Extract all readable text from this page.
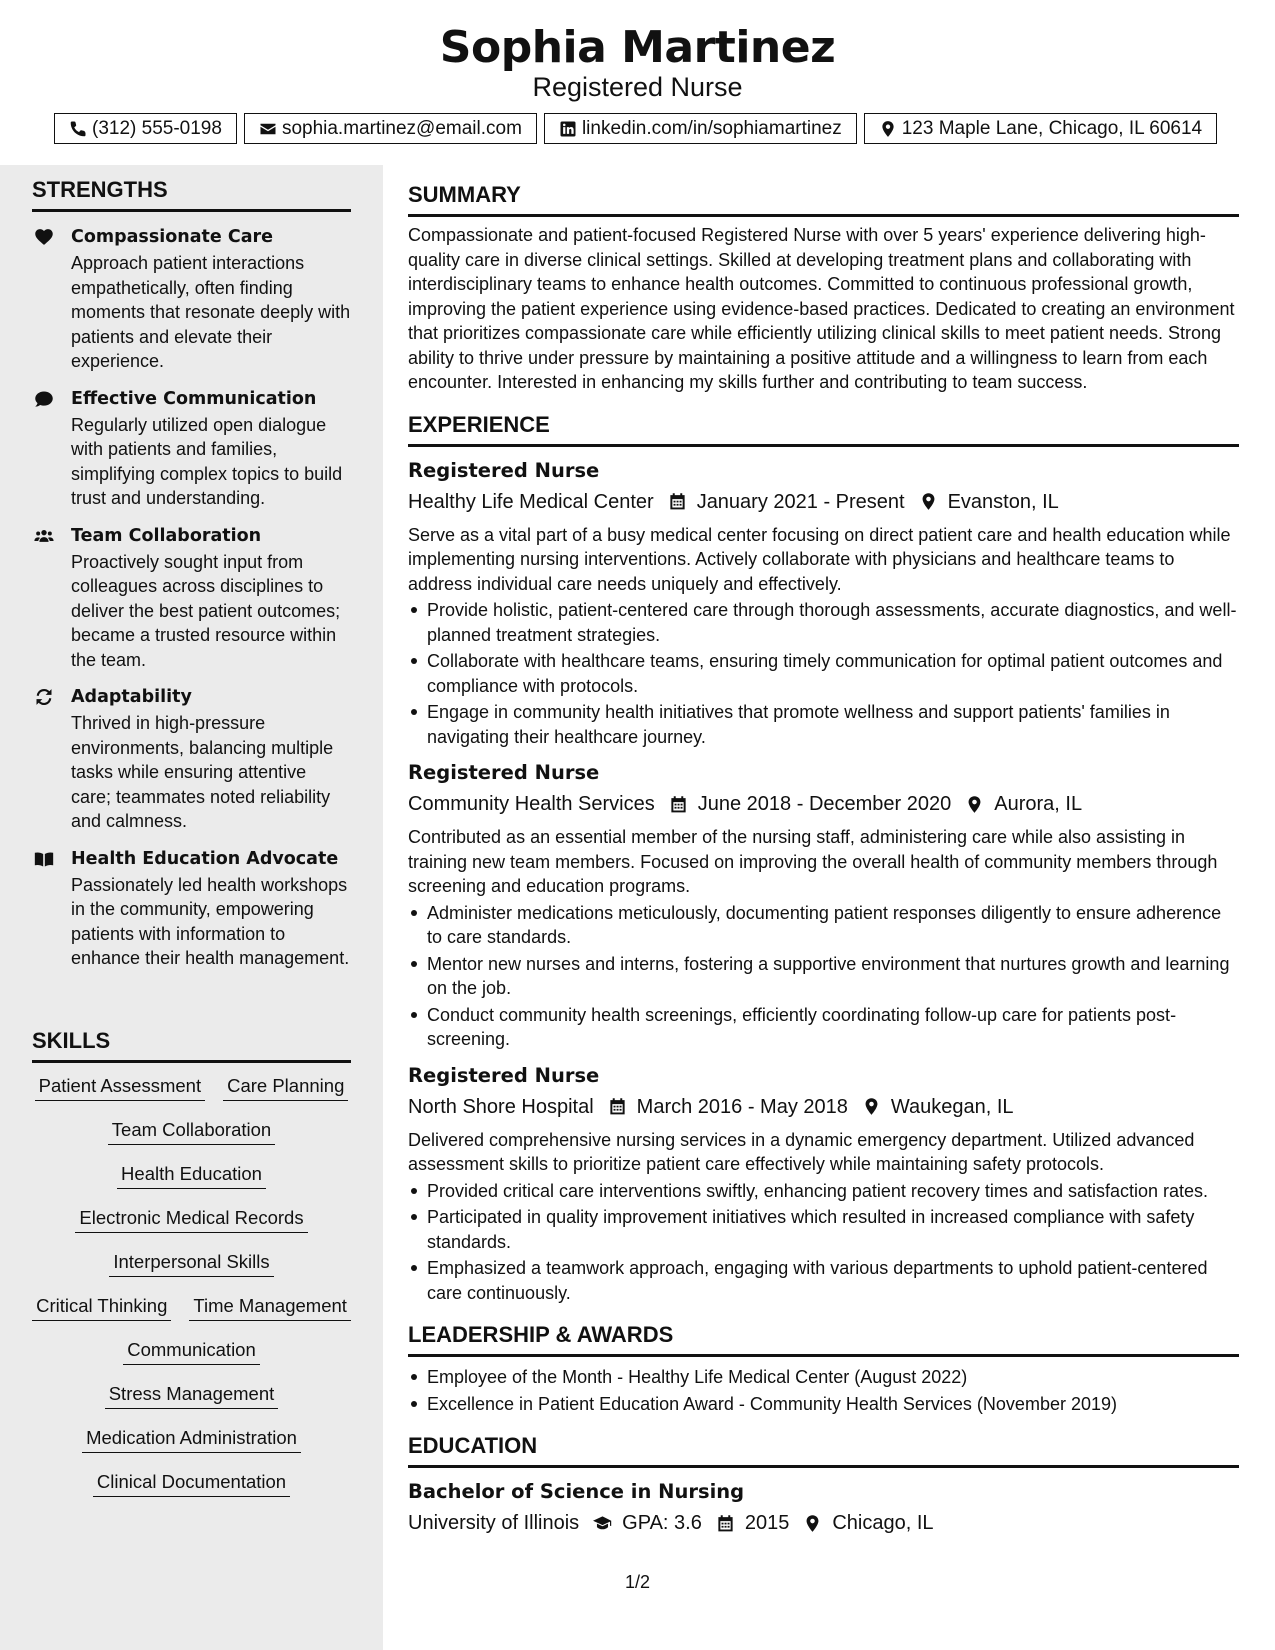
Sophia Martinez
Registered Nurse
(312) 555-0198	sophia.martinez@email.com	linkedin.com/in/sophiamartinez	123 Maple Lane, Chicago, IL 60614
STRENGTHS
Compassionate Care
Approach patient interactions empathetically, often finding moments that resonate deeply with patients and elevate their experience.
Effective Communication
Regularly utilized open dialogue with patients and families, simplifying complex topics to build trust and understanding.
Team Collaboration
Proactively sought input from colleagues across disciplines to deliver the best patient outcomes; became a trusted resource within the team.
Adaptability
Thrived in high-pressure environments, balancing multiple tasks while ensuring attentive care; teammates noted reliability and calmness.
Health Education Advocate
Passionately led health workshops in the community, empowering patients with information to enhance their health management.
SKILLS
Patient Assessment Care Planning
Team Collaboration
Health Education
Electronic Medical Records
Interpersonal Skills
Critical Thinking Time Management
Communication
Stress Management
Medication Administration
Clinical Documentation
SUMMARY
Compassionate and patient-focused Registered Nurse with over 5 years' experience delivering high-quality care in diverse clinical settings. Skilled at developing treatment plans and collaborating with interdisciplinary teams to enhance health outcomes. Committed to continuous professional growth, improving the patient experience using evidence-based practices. Dedicated to creating an environment that prioritizes compassionate care while efficiently utilizing clinical skills to meet patient needs. Strong ability to thrive under pressure by maintaining a positive attitude and a willingness to learn from each encounter. Interested in enhancing my skills further and contributing to team success.
EXPERIENCE
Registered Nurse
Healthy Life Medical Center January 2021 - Present Evanston, IL
Serve as a vital part of a busy medical center focusing on direct patient care and health education while implementing nursing interventions. Actively collaborate with physicians and healthcare teams to address individual care needs uniquely and effectively.
Provide holistic, patient-centered care through thorough assessments, accurate diagnostics, and well-planned treatment strategies.
Collaborate with healthcare teams, ensuring timely communication for optimal patient outcomes and compliance with protocols.
Engage in community health initiatives that promote wellness and support patients' families in navigating their healthcare journey.
Registered Nurse
Community Health Services June 2018 - December 2020 Aurora, IL
Contributed as an essential member of the nursing staff, administering care while also assisting in training new team members. Focused on improving the overall health of community members through screening and education programs.
Administer medications meticulously, documenting patient responses diligently to ensure adherence to care standards.
Mentor new nurses and interns, fostering a supportive environment that nurtures growth and learning on the job.
Conduct community health screenings, efficiently coordinating follow-up care for patients post-screening.
Registered Nurse
North Shore Hospital March 2016 - May 2018 Waukegan, IL
Delivered comprehensive nursing services in a dynamic emergency department. Utilized advanced assessment skills to prioritize patient care effectively while maintaining safety protocols.
Provided critical care interventions swiftly, enhancing patient recovery times and satisfaction rates.
Participated in quality improvement initiatives which resulted in increased compliance with safety standards.
Emphasized a teamwork approach, engaging with various departments to uphold patient-centered care continuously.
LEADERSHIP & AWARDS
Employee of the Month - Healthy Life Medical Center (August 2022)
Excellence in Patient Education Award - Community Health Services (November 2019)
EDUCATION
Bachelor of Science in Nursing
University of Illinois GPA: 3.6 2015 Chicago, IL
1/2
